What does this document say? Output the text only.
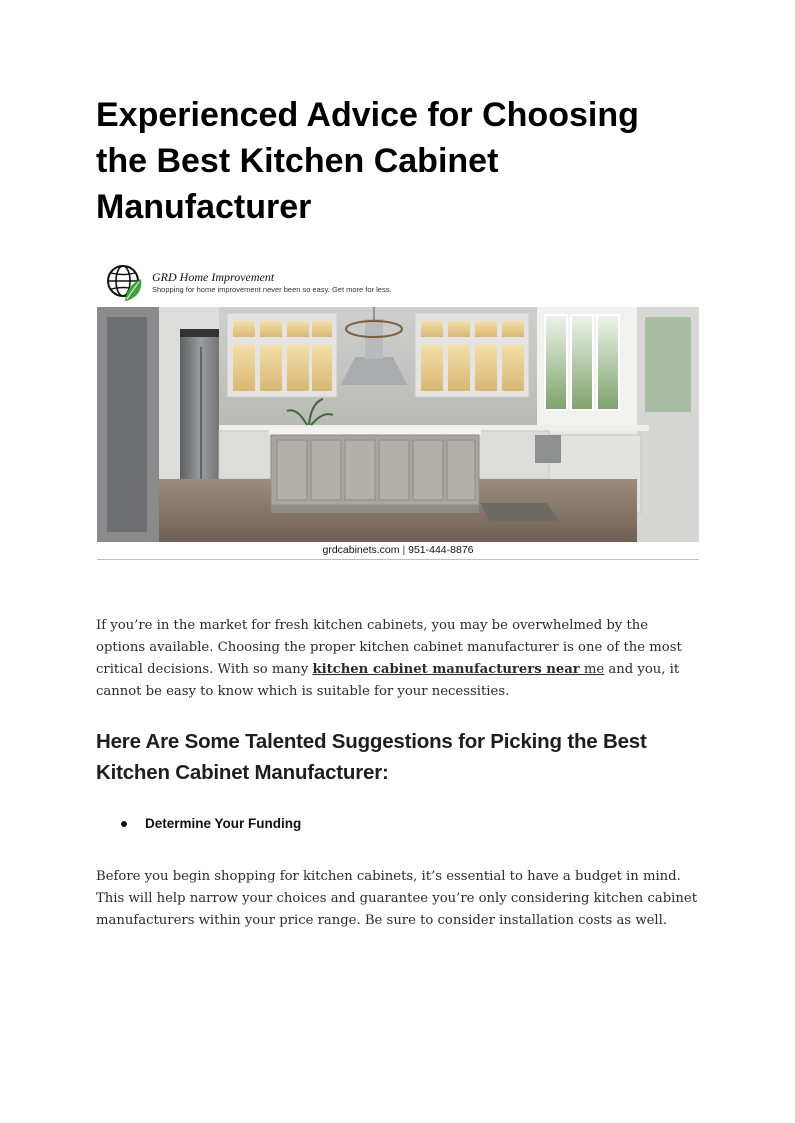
Experienced Advice for Choosing the Best Kitchen Cabinet Manufacturer
GRD Home Improvement
Shopping for home improvement never been so easy. Get more for less.
grdcabinets.com | 951-444-8876

If you’re in the market for fresh kitchen cabinets, you may be overwhelmed by the options available. Choosing the proper kitchen cabinet manufacturer is one of the most critical decisions. With so many kitchen cabinet manufacturers near me and you, it cannot be easy to know which is suitable for your necessities.

Here Are Some Talented Suggestions for Picking the Best Kitchen Cabinet Manufacturer:
Determine Your Funding

Before you begin shopping for kitchen cabinets, it’s essential to have a budget in mind. This will help narrow your choices and guarantee you’re only considering kitchen cabinet manufacturers within your price range. Be sure to consider installation costs as well.
